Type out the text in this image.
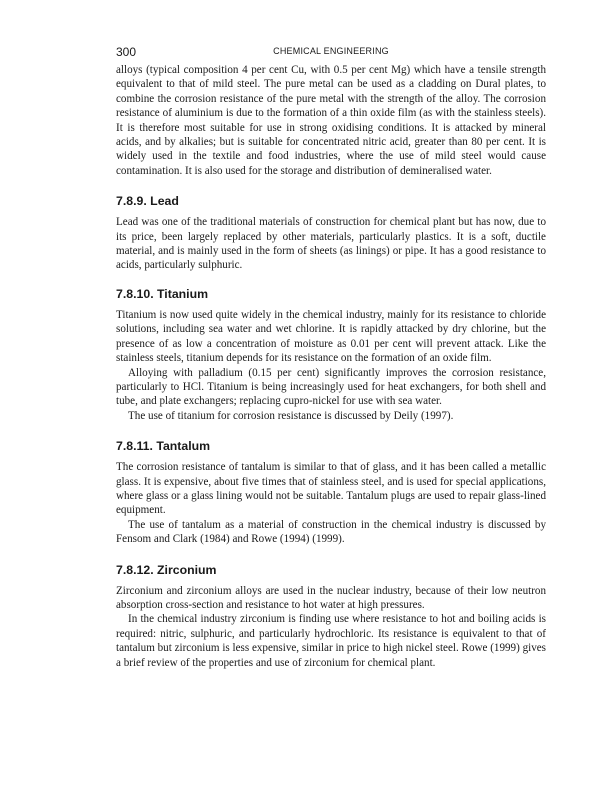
300	CHEMICAL ENGINEERING

alloys (typical composition 4 per cent Cu, with 0.5 per cent Mg) which have a tensile strength equivalent to that of mild steel. The pure metal can be used as a cladding on Dural plates, to combine the corrosion resistance of the pure metal with the strength of the alloy. The corrosion resistance of aluminium is due to the formation of a thin oxide film (as with the stainless steels). It is therefore most suitable for use in strong oxidising conditions. It is attacked by mineral acids, and by alkalies; but is suitable for concentrated nitric acid, greater than 80 per cent. It is widely used in the textile and food industries, where the use of mild steel would cause contamination. It is also used for the storage and distribution of demineralised water.

7.8.9. Lead

Lead was one of the traditional materials of construction for chemical plant but has now, due to its price, been largely replaced by other materials, particularly plastics. It is a soft, ductile material, and is mainly used in the form of sheets (as linings) or pipe. It has a good resistance to acids, particularly sulphuric.

7.8.10. Titanium

Titanium is now used quite widely in the chemical industry, mainly for its resistance to chloride solutions, including sea water and wet chlorine. It is rapidly attacked by dry chlorine, but the presence of as low a concentration of moisture as 0.01 per cent will prevent attack. Like the stainless steels, titanium depends for its resistance on the formation of an oxide film.

Alloying with palladium (0.15 per cent) significantly improves the corrosion resistance, particularly to HCl. Titanium is being increasingly used for heat exchangers, for both shell and tube, and plate exchangers; replacing cupro-nickel for use with sea water.

The use of titanium for corrosion resistance is discussed by Deily (1997).

7.8.11. Tantalum

The corrosion resistance of tantalum is similar to that of glass, and it has been called a metallic glass. It is expensive, about five times that of stainless steel, and is used for special applications, where glass or a glass lining would not be suitable. Tantalum plugs are used to repair glass-lined equipment.

The use of tantalum as a material of construction in the chemical industry is discussed by Fensom and Clark (1984) and Rowe (1994) (1999).

7.8.12. Zirconium

Zirconium and zirconium alloys are used in the nuclear industry, because of their low neutron absorption cross-section and resistance to hot water at high pressures.

In the chemical industry zirconium is finding use where resistance to hot and boiling acids is required: nitric, sulphuric, and particularly hydrochloric. Its resistance is equivalent to that of tantalum but zirconium is less expensive, similar in price to high nickel steel. Rowe (1999) gives a brief review of the properties and use of zirconium for chemical plant.
